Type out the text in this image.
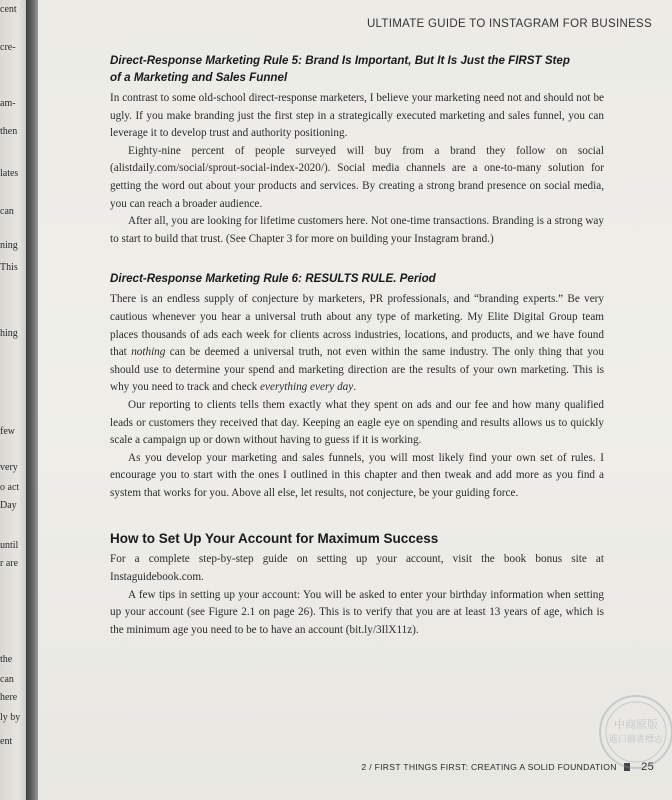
cent
cre-
am-
then
lates
can
ning
This
hing
few
very
o act
Day
until
r are
the
can
here
ly by
ent
ULTIMATE GUIDE TO INSTAGRAM FOR BUSINESS
Direct-Response Marketing Rule 5: Brand Is Important, But It Is Just the FIRST Step
of a Marketing and Sales Funnel

In contrast to some old-school direct-response marketers, I believe your marketing need not and should not be ugly. If you make branding just the first step in a strategically executed marketing and sales funnel, you can leverage it to develop trust and authority positioning.

Eighty-nine percent of people surveyed will buy from a brand they follow on social (alistdaily.com/social/sprout-social-index-2020/). Social media channels are a one-to-many solution for getting the word out about your products and services. By creating a strong brand presence on social media, you can reach a broader audience.

After all, you are looking for lifetime customers here. Not one-time transactions. Branding is a strong way to start to build that trust. (See Chapter 3 for more on building your Instagram brand.)

Direct-Response Marketing Rule 6: RESULTS RULE. Period

There is an endless supply of conjecture by marketers, PR professionals, and “branding experts.” Be very cautious whenever you hear a universal truth about any type of marketing. My Elite Digital Group team places thousands of ads each week for clients across industries, locations, and products, and we have found that nothing can be deemed a universal truth, not even within the same industry. The only thing that you should use to determine your spend and marketing direction are the results of your own marketing. This is why you need to track and check everything every day.

Our reporting to clients tells them exactly what they spent on ads and our fee and how many qualified leads or customers they received that day. Keeping an eagle eye on spending and results allows us to quickly scale a campaign up or down without having to guess if it is working.

As you develop your marketing and sales funnels, you will most likely find your own set of rules. I encourage you to start with the ones I outlined in this chapter and then tweak and add more as you find a system that works for you. Above all else, let results, not conjecture, be your guiding force.

How to Set Up Your Account for Maximum Success

For a complete step-by-step guide on setting up your account, visit the book bonus site at Instaguidebook.com.

A few tips in setting up your account: You will be asked to enter your birthday information when setting up your account (see Figure 2.1 on page 26). This is to verify that you are at least 13 years of age, which is the minimum age you need to be to have an account (bit.ly/3IlX11z).

2 / FIRST THINGS FIRST: CREATING A SOLID FOUNDATION 25
中商原版
進口圖書標志
